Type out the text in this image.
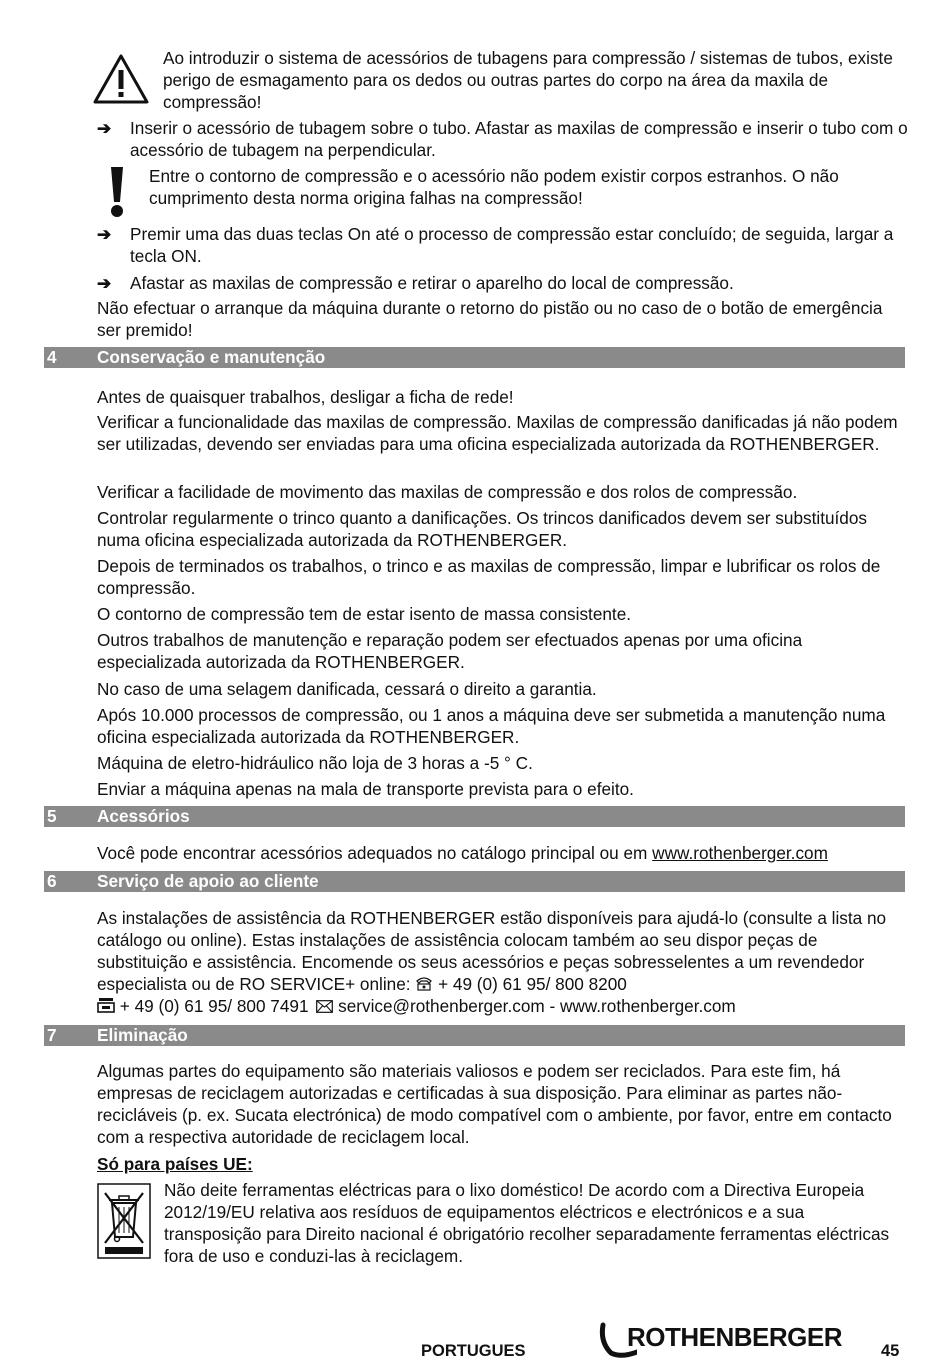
Ao introduzir o sistema de acessórios de tubagens para compressão / sistemas de tubos, existe perigo de esmagamento para os dedos ou outras partes do corpo na área da maxila de compressão!
➔	Inserir o acessório de tubagem sobre o tubo. Afastar as maxilas de compressão e inserir o tubo com o acessório de tubagem na perpendicular.
Entre o contorno de compressão e o acessório não podem existir corpos estranhos. O não cumprimento desta norma origina falhas na compressão!
➔	Premir uma das duas teclas On até o processo de compressão estar concluído; de seguida, largar a tecla ON.
➔	Afastar as maxilas de compressão e retirar o aparelho do local de compressão.
Não efectuar o arranque da máquina durante o retorno do pistão ou no caso de o botão de emergência ser premido!
4 Conservação e manutenção
Antes de quaisquer trabalhos, desligar a ficha de rede!
Verificar a funcionalidade das maxilas de compressão. Maxilas de compressão danificadas já não podem ser utilizadas, devendo ser enviadas para uma oficina especializada autorizada da ROTHENBERGER.
Verificar a facilidade de movimento das maxilas de compressão e dos rolos de compressão.
Controlar regularmente o trinco quanto a danificações. Os trincos danificados devem ser substituídos numa oficina especializada autorizada da ROTHENBERGER.
Depois de terminados os trabalhos, o trinco e as maxilas de compressão, limpar e lubrificar os rolos de compressão.
O contorno de compressão tem de estar isento de massa consistente.
Outros trabalhos de manutenção e reparação podem ser efectuados apenas por uma oficina especializada autorizada da ROTHENBERGER.
No caso de uma selagem danificada, cessará o direito a garantia.
Após 10.000 processos de compressão, ou 1 anos a máquina deve ser submetida a manutenção numa oficina especializada autorizada da ROTHENBERGER.
Máquina de eletro-hidráulico não loja de 3 horas a -5 ° C.
Enviar a máquina apenas na mala de transporte prevista para o efeito.
5 Acessórios
Você pode encontrar acessórios adequados no catálogo principal ou em www.rothenberger.com
6 Serviço de apoio ao cliente
As instalações de assistência da ROTHENBERGER estão disponíveis para ajudá-lo (consulte a lista no catálogo ou online). Estas instalações de assistência colocam também ao seu dispor peças de substituição e assistência. Encomende os seus acessórios e peças sobresselentes a um revendedor especialista ou de RO SERVICE+ online: + 49 (0) 61 95/ 800 8200
+ 49 (0) 61 95/ 800 7491 service@rothenberger.com - www.rothenberger.com
7 Eliminação
Algumas partes do equipamento são materiais valiosos e podem ser reciclados. Para este fim, há empresas de reciclagem autorizadas e certificadas à sua disposição. Para eliminar as partes não-recicláveis (p. ex. Sucata electrónica) de modo compatível com o ambiente, por favor, entre em contacto com a respectiva autoridade de reciclagem local.
Só para países UE:
Não deite ferramentas eléctricas para o lixo doméstico! De acordo com a Directiva Europeia 2012/19/EU relativa aos resíduos de equipamentos eléctricos e electrónicos e a sua transposição para Direito nacional é obrigatório recolher separadamente ferramentas eléctricas fora de uso e conduzi-las à reciclagem.
PORTUGUES	ROTHENBERGER 45
